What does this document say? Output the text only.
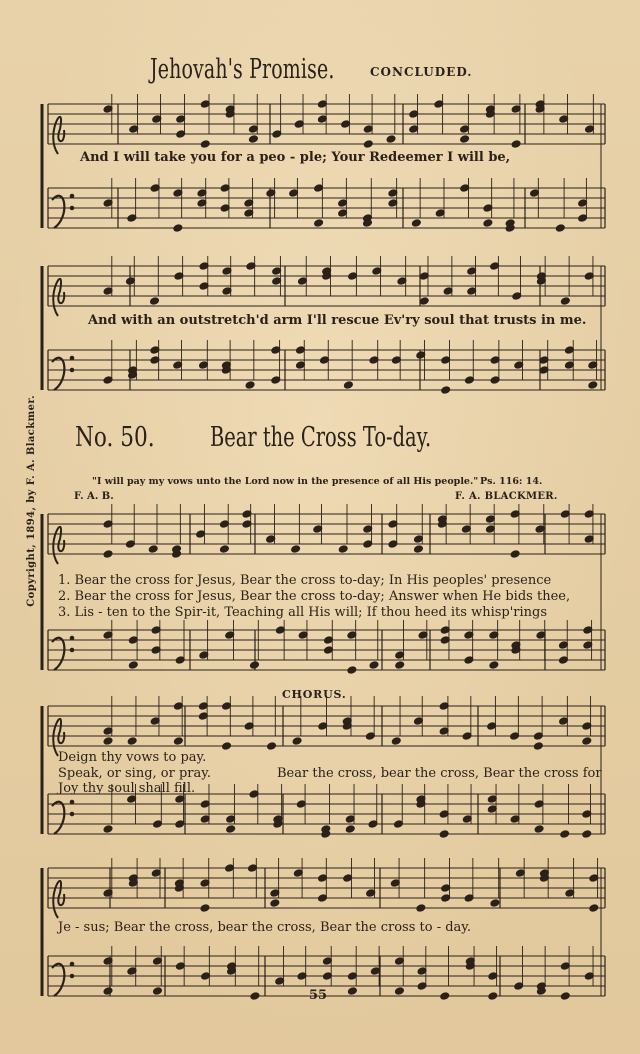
Jehovah's Promise.	CONCLUDED.
And I will take you for a peo - ple; Your Redeemer I will be,
And with an outstretch'd arm I'll rescue Ev'ry soul that trusts in me.
Copyright, 1894, by F. A. Blackmer. No. 50. Bear the Cross To-day.
"I will pay my vows unto the Lord now in the presence of all His people." Ps. 116: 14.
F. A. B.	F. A. BLACKMER.
1. Bear the cross for Jesus, Bear the cross to-day; In His peoples' presence
2. Bear the cross for Jesus, Bear the cross to-day; Answer when He bids thee,
3. Lis - ten to the Spir-it, Teaching all His will; If thou heed its whisp'rings
CHORUS.
Deign thy vows to pay.
Speak, or sing, or pray.
Joy thy soul shall fill.
Bear the cross, bear the cross, Bear the cross for
Je - sus; Bear the cross, bear the cross, Bear the cross to - day.
55
